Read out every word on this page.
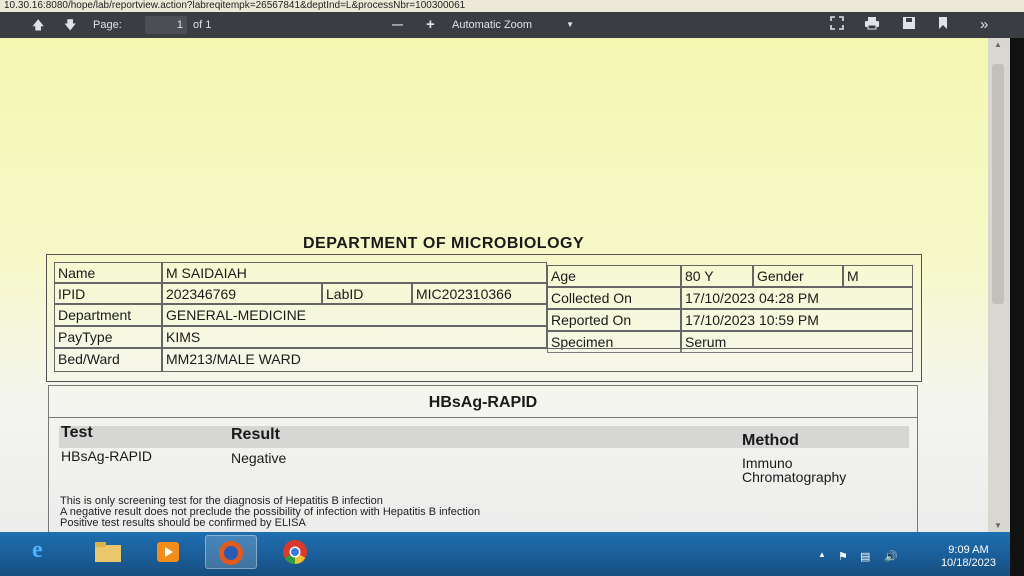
10.30.16:8080/hope/lab/reportview.action?labreqitempk=26567841&deptInd=L&processNbr=100300061
🡅 🡇 Page:	1 of 1	— + Automatic Zoom	▼	»
DEPARTMENT OF MICROBIOLOGY
Name	M SAIDAIAH	Age	80 Y	Gender	M
IPID	202346769	LabID	MIC202310366	Collected On	17/10/2023 04:28 PM
Department	GENERAL-MEDICINE	Reported On	17/10/2023 10:59 PM
PayType	KIMS	Specimen	Serum
Bed/Ward	MM213/MALE WARD
HBsAg-RAPID
Test	Result	Method
HBsAg-RAPID	Negative	Immuno
Chromatography
This is only screening test for the diagnosis of Hepatitis B infection
A negative result does not preclude the possibility of infection with Hepatitis B infection
Positive test results should be confirmed by ELISA
▲
▼
e	▲ ⚑ ▤ 🔊
9:09 AM
10/18/2023
